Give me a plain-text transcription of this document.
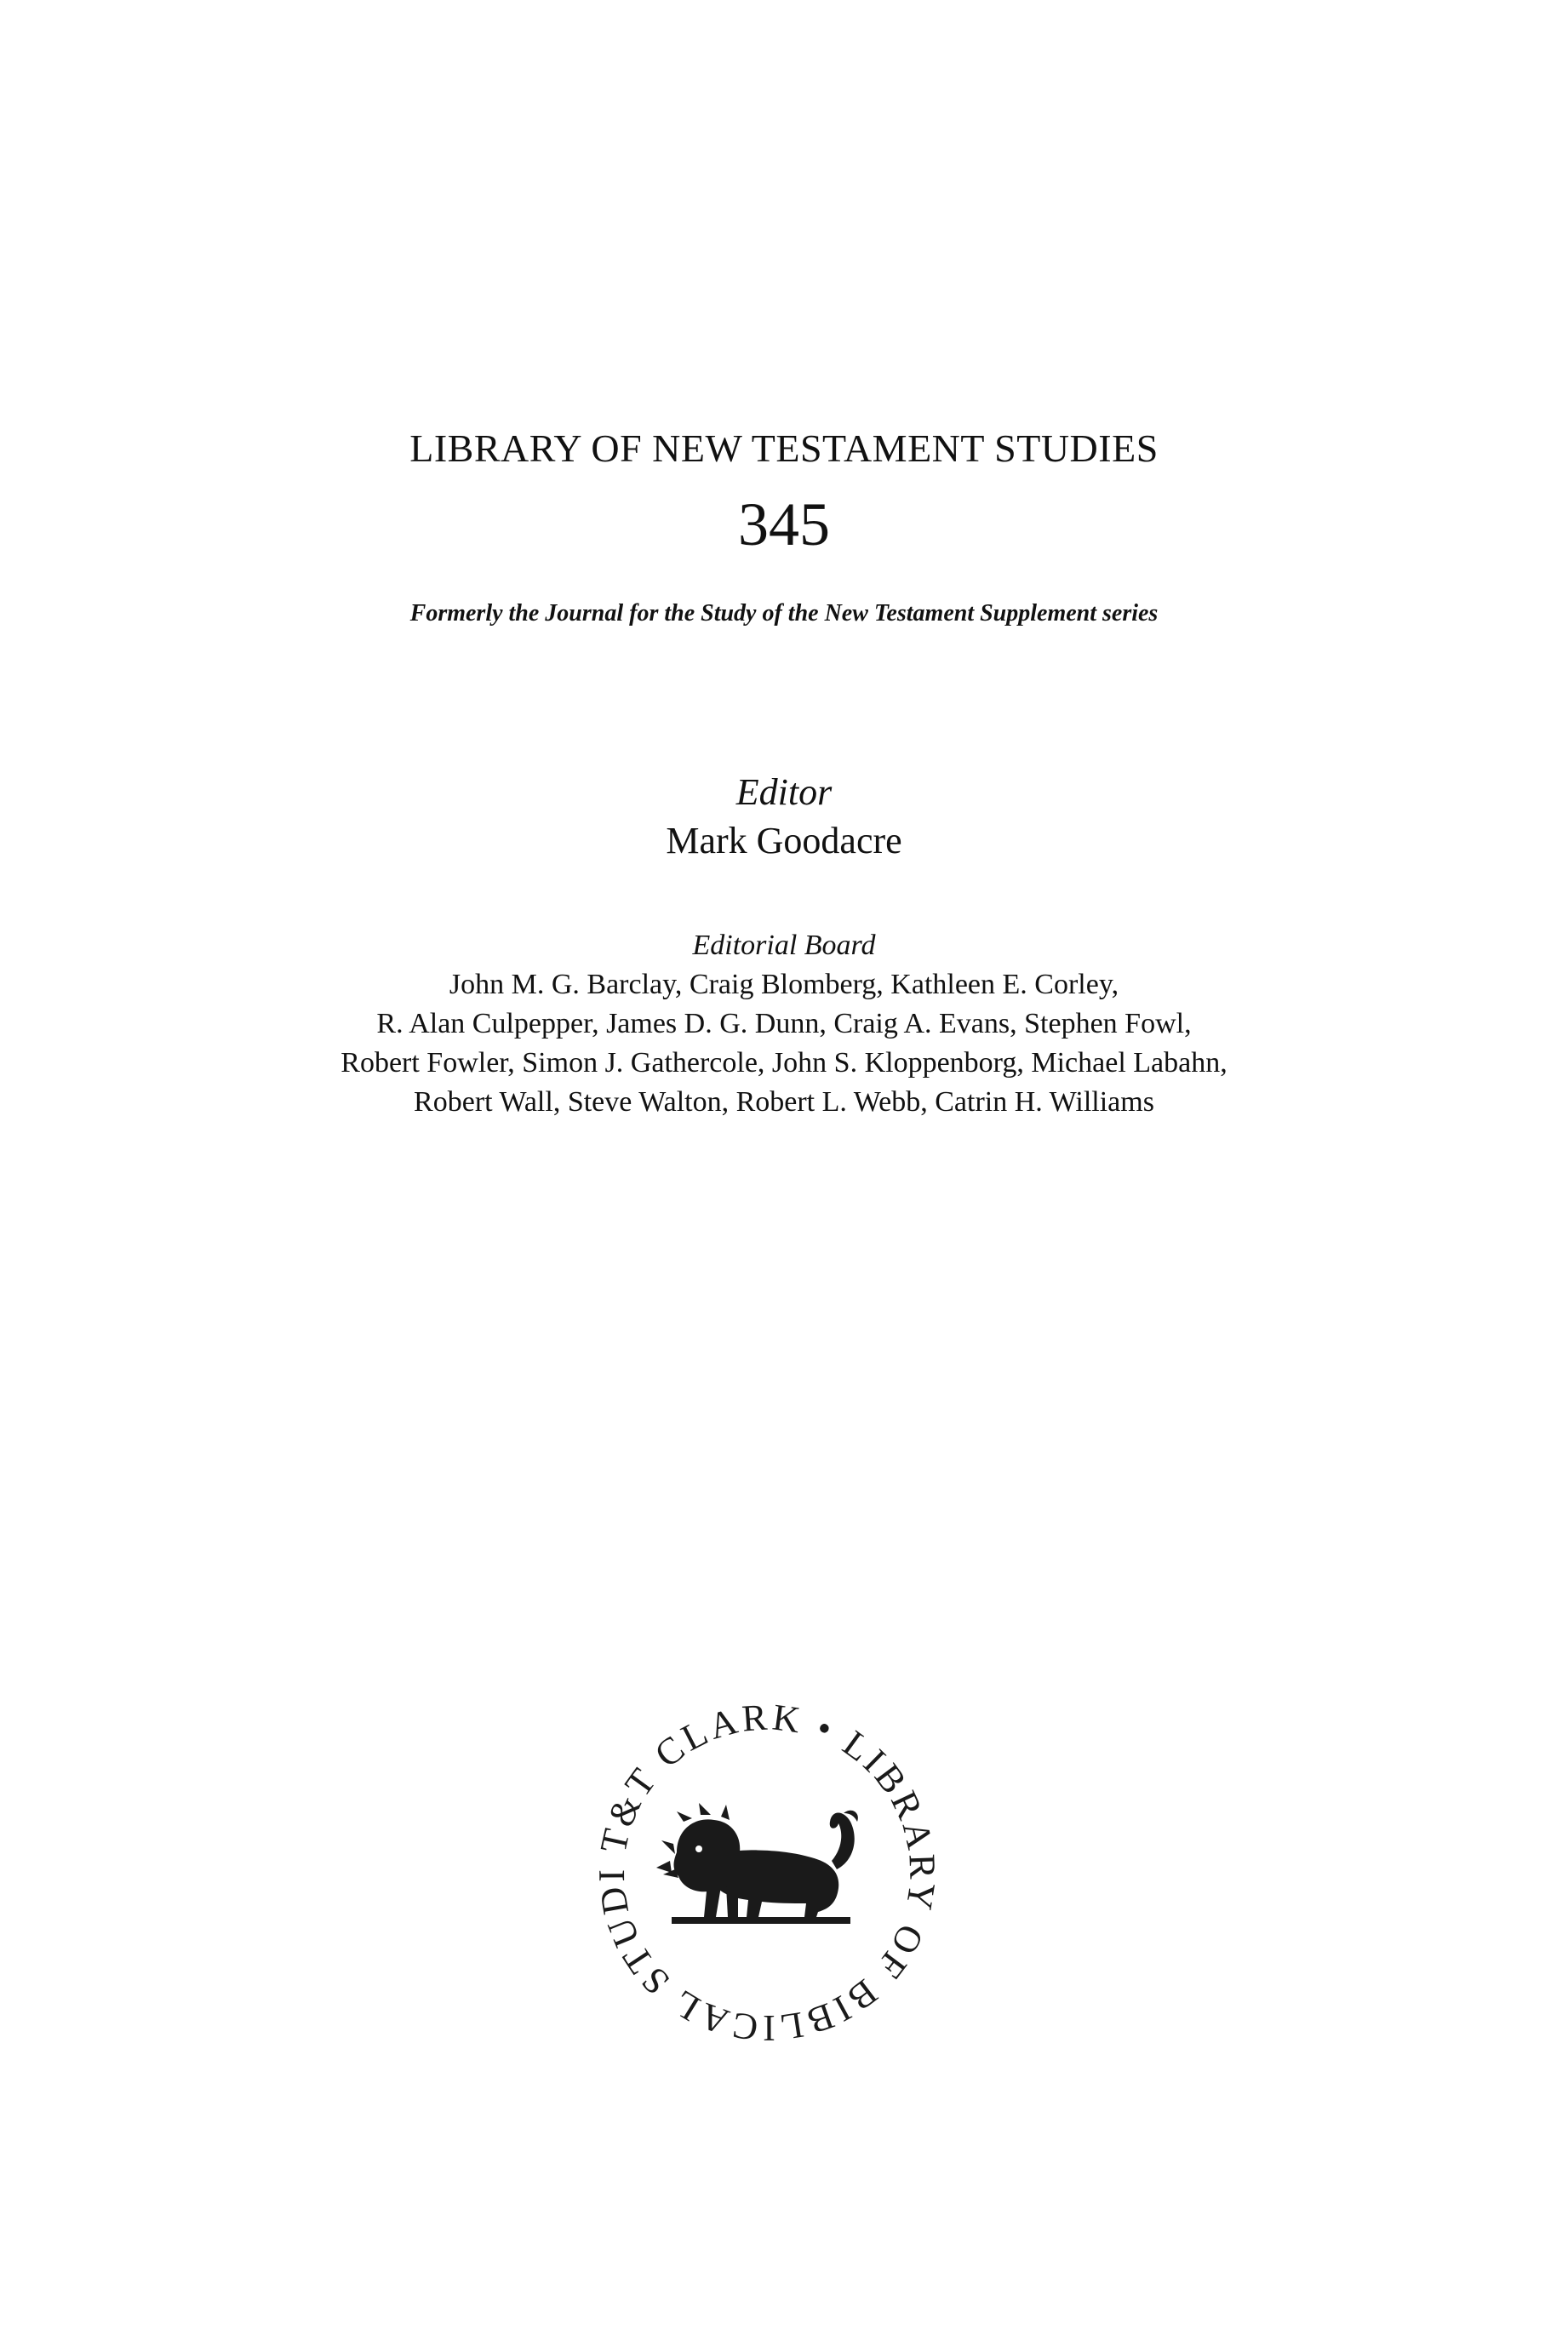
LIBRARY OF NEW TESTAMENT STUDIES
345
Formerly the Journal for the Study of the New Testament Supplement series
Editor
Mark Goodacre
Editorial Board
John M. G. Barclay, Craig Blomberg, Kathleen E. Corley,
R. Alan Culpepper, James D. G. Dunn, Craig A. Evans, Stephen Fowl,
Robert Fowler, Simon J. Gathercole, John S. Kloppenborg, Michael Labahn,
Robert Wall, Steve Walton, Robert L. Webb, Catrin H. Williams
T&T CLARK • LIBRARY OF BIBLICAL STUDI
